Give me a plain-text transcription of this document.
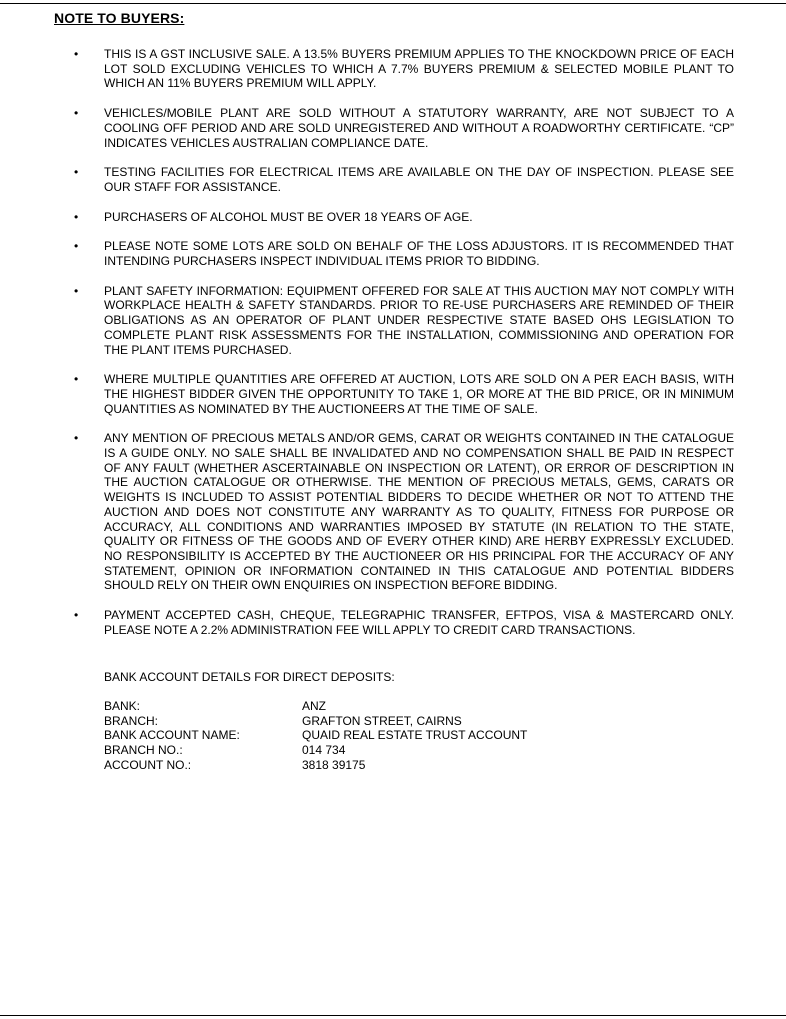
NOTE TO BUYERS:
• THIS IS A GST INCLUSIVE SALE. A 13.5% BUYERS PREMIUM APPLIES TO THE KNOCKDOWN PRICE OF EACH LOT SOLD EXCLUDING VEHICLES TO WHICH A 7.7% BUYERS PREMIUM & SELECTED MOBILE PLANT TO WHICH AN 11% BUYERS PREMIUM WILL APPLY.
• VEHICLES/MOBILE PLANT ARE SOLD WITHOUT A STATUTORY WARRANTY, ARE NOT SUBJECT TO A COOLING OFF PERIOD AND ARE SOLD UNREGISTERED AND WITHOUT A ROADWORTHY CERTIFICATE. “CP” INDICATES VEHICLES AUSTRALIAN COMPLIANCE DATE.
• TESTING FACILITIES FOR ELECTRICAL ITEMS ARE AVAILABLE ON THE DAY OF INSPECTION. PLEASE SEE OUR STAFF FOR ASSISTANCE.
• PURCHASERS OF ALCOHOL MUST BE OVER 18 YEARS OF AGE.
• PLEASE NOTE SOME LOTS ARE SOLD ON BEHALF OF THE LOSS ADJUSTORS. IT IS RECOMMENDED THAT INTENDING PURCHASERS INSPECT INDIVIDUAL ITEMS PRIOR TO BIDDING.
• PLANT SAFETY INFORMATION: EQUIPMENT OFFERED FOR SALE AT THIS AUCTION MAY NOT COMPLY WITH WORKPLACE HEALTH & SAFETY STANDARDS. PRIOR TO RE-USE PURCHASERS ARE REMINDED OF THEIR OBLIGATIONS AS AN OPERATOR OF PLANT UNDER RESPECTIVE STATE BASED OHS LEGISLATION TO COMPLETE PLANT RISK ASSESSMENTS FOR THE INSTALLATION, COMMISSIONING AND OPERATION FOR THE PLANT ITEMS PURCHASED.
• WHERE MULTIPLE QUANTITIES ARE OFFERED AT AUCTION, LOTS ARE SOLD ON A PER EACH BASIS, WITH THE HIGHEST BIDDER GIVEN THE OPPORTUNITY TO TAKE 1, OR MORE AT THE BID PRICE, OR IN MINIMUM QUANTITIES AS NOMINATED BY THE AUCTIONEERS AT THE TIME OF SALE.
• ANY MENTION OF PRECIOUS METALS AND/OR GEMS, CARAT OR WEIGHTS CONTAINED IN THE CATALOGUE IS A GUIDE ONLY. NO SALE SHALL BE INVALIDATED AND NO COMPENSATION SHALL BE PAID IN RESPECT OF ANY FAULT (WHETHER ASCERTAINABLE ON INSPECTION OR LATENT), OR ERROR OF DESCRIPTION IN THE AUCTION CATALOGUE OR OTHERWISE. THE MENTION OF PRECIOUS METALS, GEMS, CARATS OR WEIGHTS IS INCLUDED TO ASSIST POTENTIAL BIDDERS TO DECIDE WHETHER OR NOT TO ATTEND THE AUCTION AND DOES NOT CONSTITUTE ANY WARRANTY AS TO QUALITY, FITNESS FOR PURPOSE OR ACCURACY, ALL CONDITIONS AND WARRANTIES IMPOSED BY STATUTE (IN RELATION TO THE STATE, QUALITY OR FITNESS OF THE GOODS AND OF EVERY OTHER KIND) ARE HERBY EXPRESSLY EXCLUDED. NO RESPONSIBILITY IS ACCEPTED BY THE AUCTIONEER OR HIS PRINCIPAL FOR THE ACCURACY OF ANY STATEMENT, OPINION OR INFORMATION CONTAINED IN THIS CATALOGUE AND POTENTIAL BIDDERS SHOULD RELY ON THEIR OWN ENQUIRIES ON INSPECTION BEFORE BIDDING.
• PAYMENT ACCEPTED CASH, CHEQUE, TELEGRAPHIC TRANSFER, EFTPOS, VISA & MASTERCARD ONLY. PLEASE NOTE A 2.2% ADMINISTRATION FEE WILL APPLY TO CREDIT CARD TRANSACTIONS.
BANK ACCOUNT DETAILS FOR DIRECT DEPOSITS:
BANK:	ANZ
BRANCH:	GRAFTON STREET, CAIRNS
BANK ACCOUNT NAME:	QUAID REAL ESTATE TRUST ACCOUNT
BRANCH NO.:	014 734
ACCOUNT NO.:	3818 39175
